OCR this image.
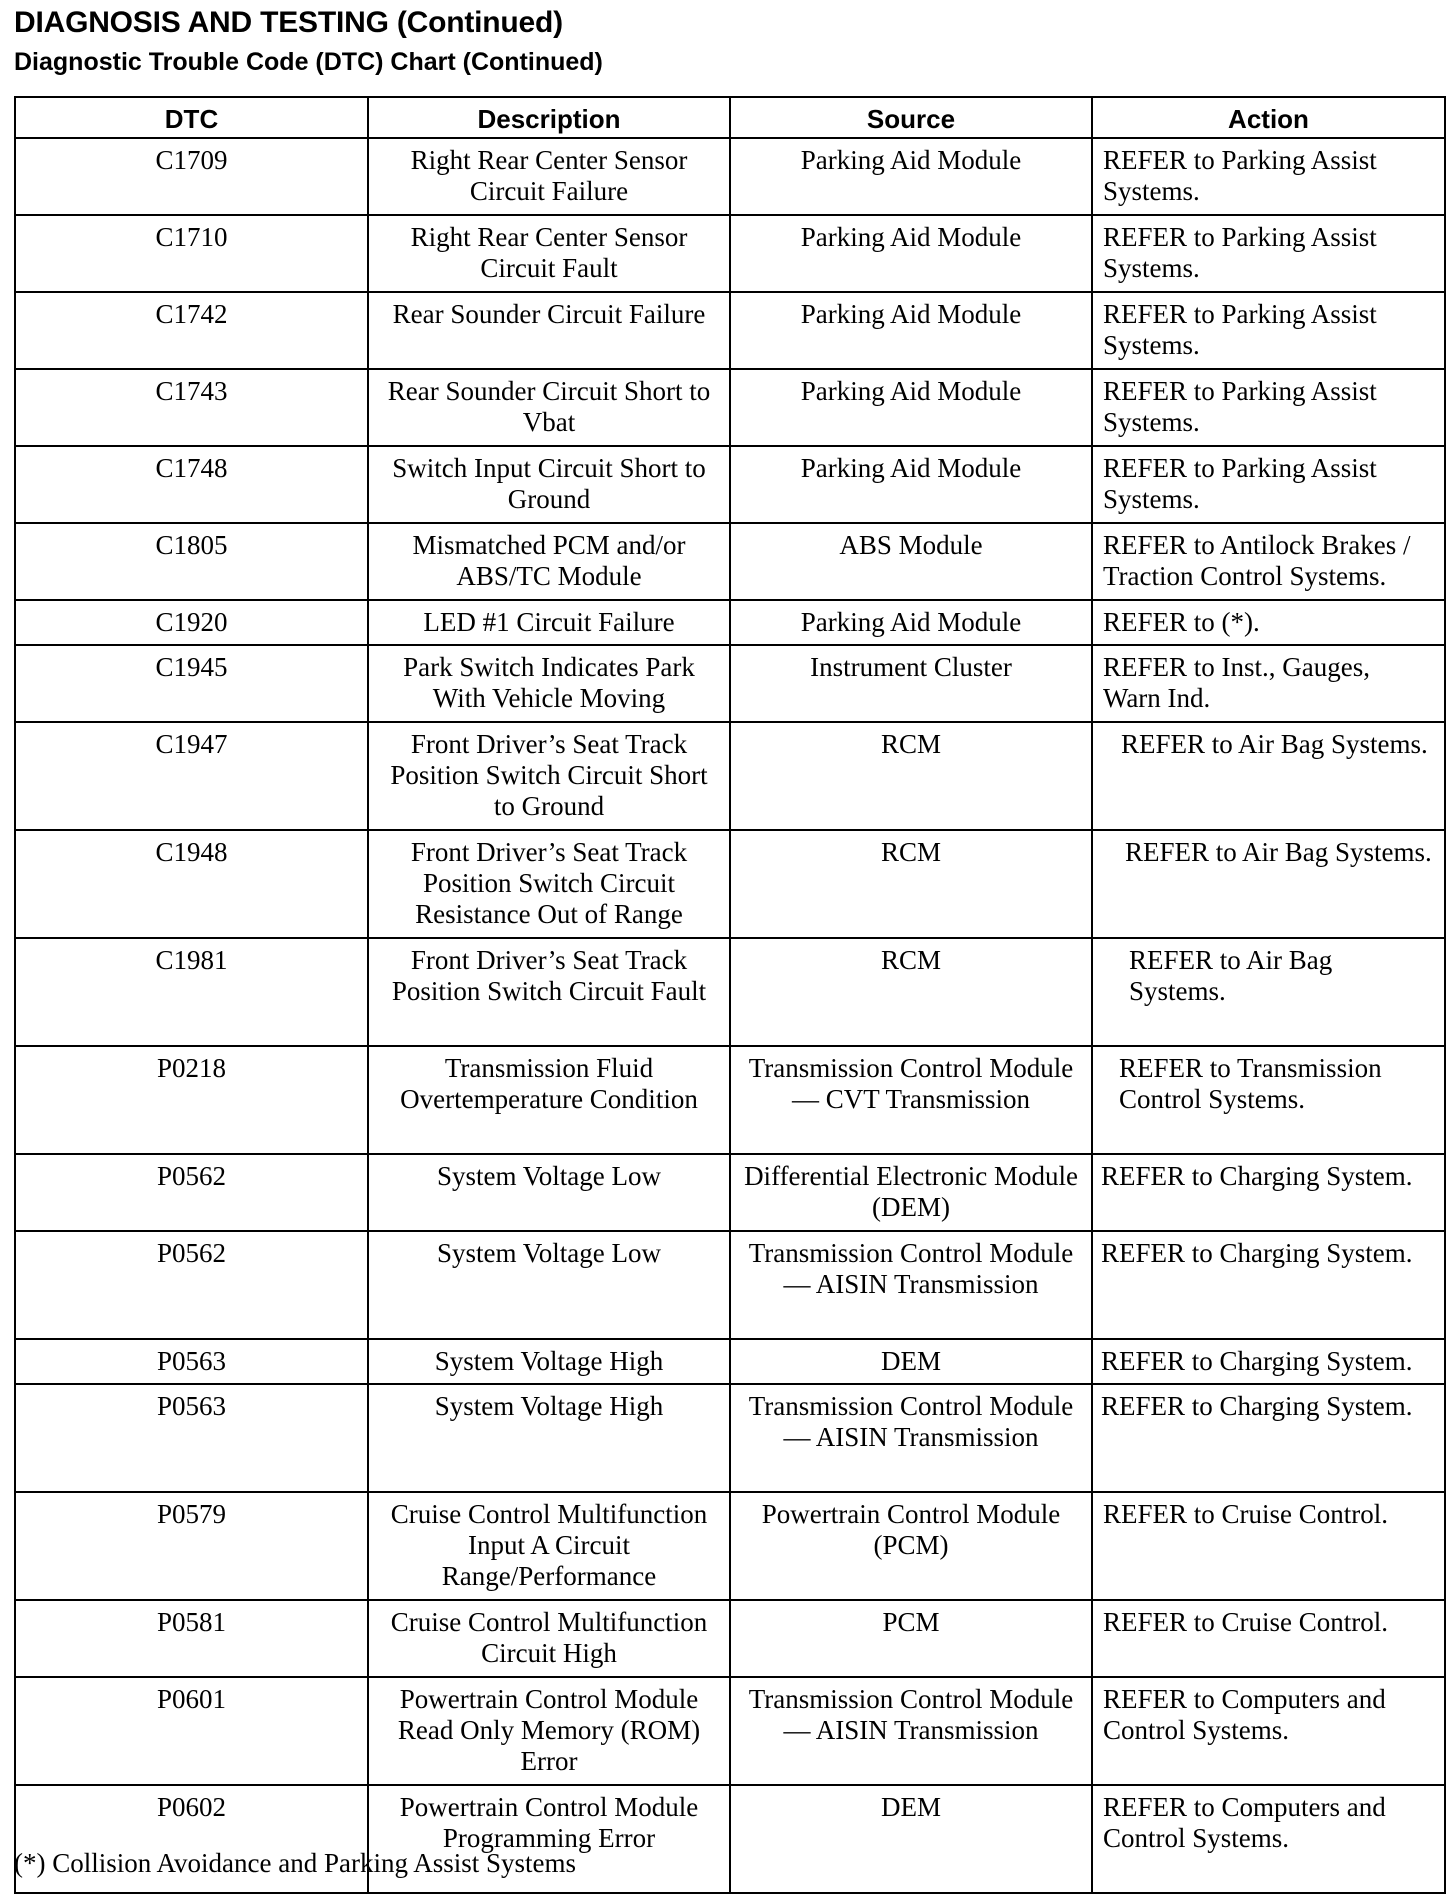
DIAGNOSIS AND TESTING (Continued)
Diagnostic Trouble Code (DTC) Chart (Continued)
DTC	Description	Source	Action
C1709	Right Rear Center Sensor Circuit Failure	Parking Aid Module	REFER to Parking Assist Systems.
C1710	Right Rear Center Sensor Circuit Fault	Parking Aid Module	REFER to Parking Assist Systems.
C1742	Rear Sounder Circuit Failure	Parking Aid Module	REFER to Parking Assist Systems.
C1743	Rear Sounder Circuit Short to Vbat	Parking Aid Module	REFER to Parking Assist Systems.
C1748	Switch Input Circuit Short to Ground	Parking Aid Module	REFER to Parking Assist Systems.
C1805	Mismatched PCM and/or ABS/TC Module	ABS Module	REFER to Antilock Brakes / Traction Control Systems.
C1920	LED #1 Circuit Failure	Parking Aid Module	REFER to (*).
C1945	Park Switch Indicates Park With Vehicle Moving	Instrument Cluster	REFER to Inst., Gauges, Warn Ind.
C1947	Front Driver’s Seat Track Position Switch Circuit Short to Ground	RCM	REFER to Air Bag Systems.
C1948	Front Driver’s Seat Track Position Switch Circuit Resistance Out of Range	RCM	REFER to Air Bag Systems.
C1981	Front Driver’s Seat Track Position Switch Circuit Fault	RCM	REFER to Air Bag Systems.
P0218	Transmission Fluid Overtemperature Condition	Transmission Control Module — CVT Transmission	REFER to Transmission Control Systems.
P0562	System Voltage Low	Differential Electronic Module (DEM)	REFER to Charging System.
P0562	System Voltage Low	Transmission Control Module — AISIN Transmission	REFER to Charging System.
P0563	System Voltage High	DEM	REFER to Charging System.
P0563	System Voltage High	Transmission Control Module — AISIN Transmission	REFER to Charging System.
P0579	Cruise Control Multifunction Input A Circuit Range/Performance	Powertrain Control Module (PCM)	REFER to Cruise Control.
P0581	Cruise Control Multifunction Circuit High	PCM	REFER to Cruise Control.
P0601	Powertrain Control Module Read Only Memory (ROM) Error	Transmission Control Module — AISIN Transmission	REFER to Computers and Control Systems.
P0602	Powertrain Control Module Programming Error	DEM	REFER to Computers and Control Systems.
(*) Collision Avoidance and Parking Assist Systems
